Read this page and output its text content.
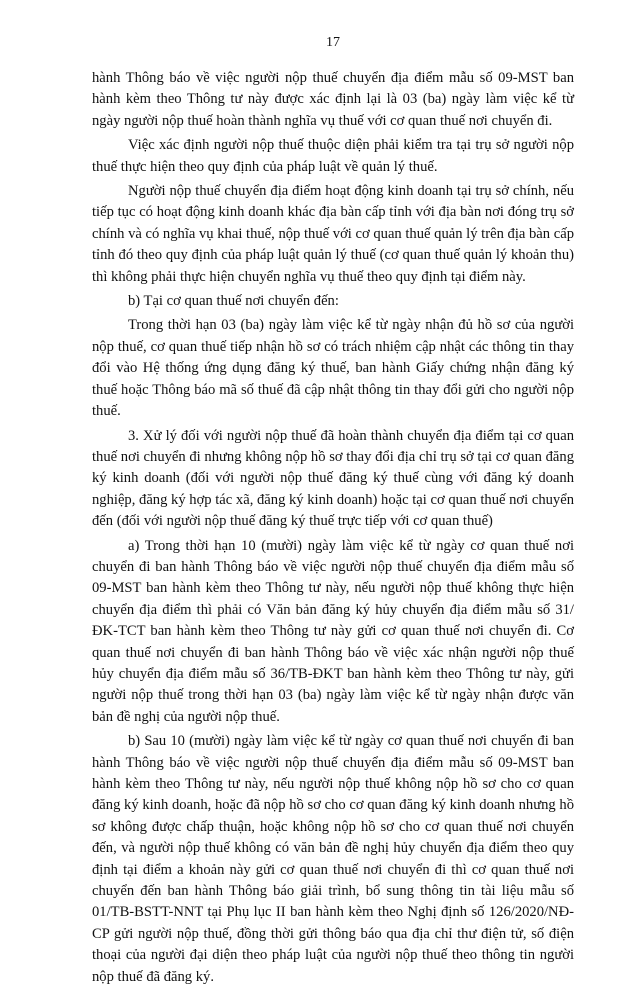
17

hành Thông báo về việc người nộp thuế chuyển địa điểm mẫu số 09-MST ban hành kèm theo Thông tư này được xác định lại là 03 (ba) ngày làm việc kể từ ngày người nộp thuế hoàn thành nghĩa vụ thuế với cơ quan thuế nơi chuyển đi.

Việc xác định người nộp thuế thuộc diện phải kiểm tra tại trụ sở người nộp thuế thực hiện theo quy định của pháp luật về quản lý thuế.

Người nộp thuế chuyển địa điểm hoạt động kinh doanh tại trụ sở chính, nếu tiếp tục có hoạt động kinh doanh khác địa bàn cấp tỉnh với địa bàn nơi đóng trụ sở chính và có nghĩa vụ khai thuế, nộp thuế với cơ quan thuế quản lý trên địa bàn cấp tỉnh đó theo quy định của pháp luật quản lý thuế (cơ quan thuế quản lý khoản thu) thì không phải thực hiện chuyển nghĩa vụ thuế theo quy định tại điểm này.

b) Tại cơ quan thuế nơi chuyển đến:

Trong thời hạn 03 (ba) ngày làm việc kể từ ngày nhận đủ hồ sơ của người nộp thuế, cơ quan thuế tiếp nhận hồ sơ có trách nhiệm cập nhật các thông tin thay đổi vào Hệ thống ứng dụng đăng ký thuế, ban hành Giấy chứng nhận đăng ký thuế hoặc Thông báo mã số thuế đã cập nhật thông tin thay đổi gửi cho người nộp thuế.

3. Xử lý đối với người nộp thuế đã hoàn thành chuyển địa điểm tại cơ quan thuế nơi chuyển đi nhưng không nộp hồ sơ thay đổi địa chỉ trụ sở tại cơ quan đăng ký kinh doanh (đối với người nộp thuế đăng ký thuế cùng với đăng ký doanh nghiệp, đăng ký hợp tác xã, đăng ký kinh doanh) hoặc tại cơ quan thuế nơi chuyển đến (đối với người nộp thuế đăng ký thuế trực tiếp với cơ quan thuế)

a) Trong thời hạn 10 (mười) ngày làm việc kể từ ngày cơ quan thuế nơi chuyển đi ban hành Thông báo về việc người nộp thuế chuyển địa điểm mẫu số 09-MST ban hành kèm theo Thông tư này, nếu người nộp thuế không thực hiện chuyển địa điểm thì phải có Văn bản đăng ký hủy chuyển địa điểm mẫu số 31/ĐK-TCT ban hành kèm theo Thông tư này gửi cơ quan thuế nơi chuyển đi. Cơ quan thuế nơi chuyển đi ban hành Thông báo về việc xác nhận người nộp thuế hủy chuyển địa điểm mẫu số 36/TB-ĐKT ban hành kèm theo Thông tư này, gửi người nộp thuế trong thời hạn 03 (ba) ngày làm việc kể từ ngày nhận được văn bản đề nghị của người nộp thuế.

b) Sau 10 (mười) ngày làm việc kể từ ngày cơ quan thuế nơi chuyển đi ban hành Thông báo về việc người nộp thuế chuyển địa điểm mẫu số 09-MST ban hành kèm theo Thông tư này, nếu người nộp thuế không nộp hồ sơ cho cơ quan đăng ký kinh doanh, hoặc đã nộp hồ sơ cho cơ quan đăng ký kinh doanh nhưng hồ sơ không được chấp thuận, hoặc không nộp hồ sơ cho cơ quan thuế nơi chuyển đến, và người nộp thuế không có văn bản đề nghị hủy chuyển địa điểm theo quy định tại điểm a khoản này gửi cơ quan thuế nơi chuyển đi thì cơ quan thuế nơi chuyển đến ban hành Thông báo giải trình, bổ sung thông tin tài liệu mẫu số 01/TB-BSTT-NNT tại Phụ lục II ban hành kèm theo Nghị định số 126/2020/NĐ-CP gửi người nộp thuế, đồng thời gửi thông báo qua địa chỉ thư điện tử, số điện thoại của người đại diện theo pháp luật của người nộp thuế theo thông tin người nộp thuế đã đăng ký.
